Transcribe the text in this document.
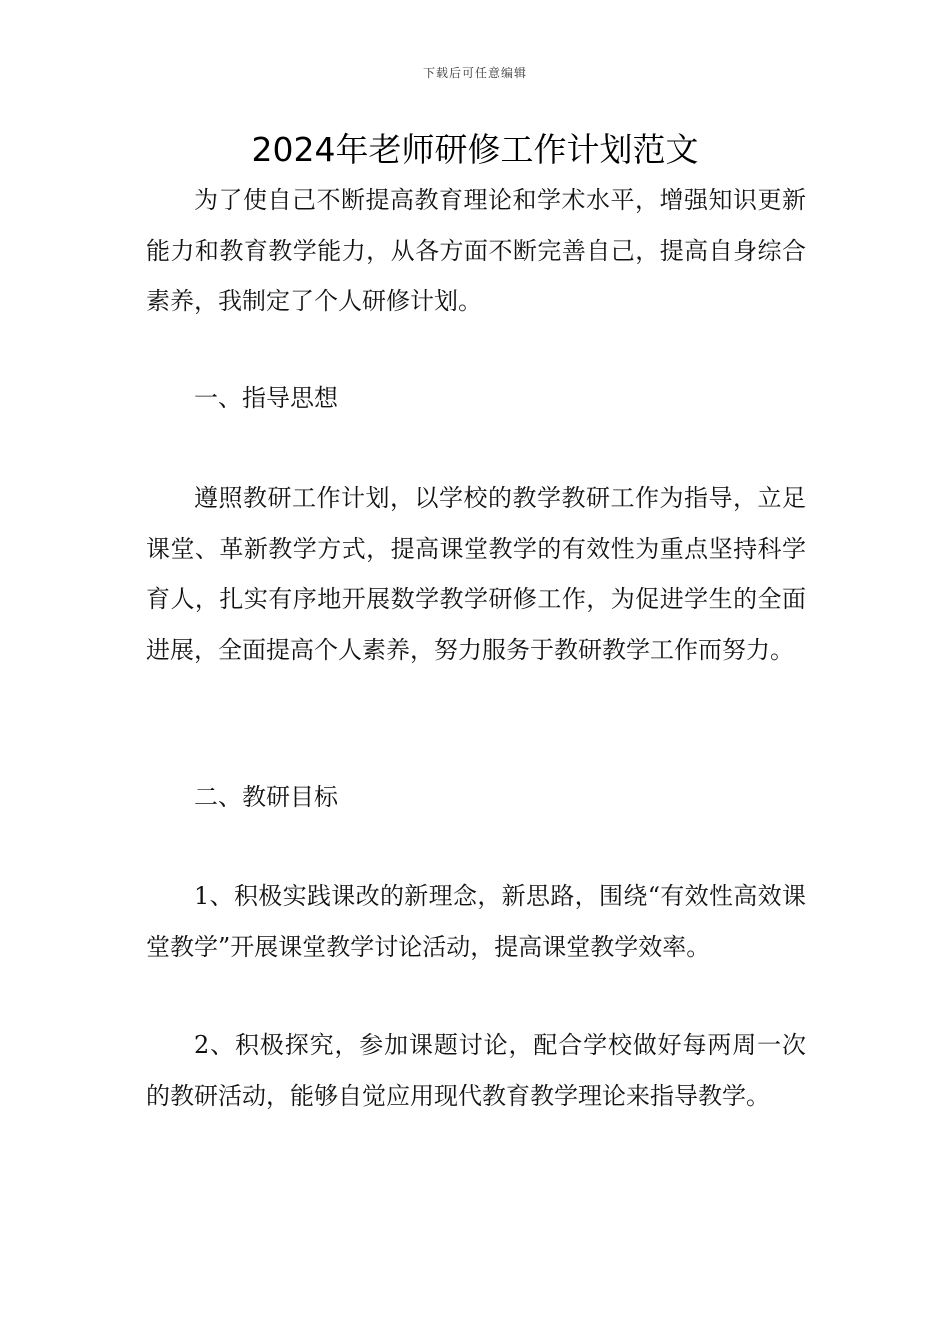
下载后可任意编辑
2024年老师研修工作计划范文

为了使自己不断提高教育理论和学术水平，增强知识更新能力和教育教学能力，从各方面不断完善自己，提高自身综合素养，我制定了个人研修计划。

一、指导思想

遵照教研工作计划，以学校的教学教研工作为指导，立足课堂、革新教学方式，提高课堂教学的有效性为重点坚持科学育人，扎实有序地开展数学教学研修工作，为促进学生的全面进展，全面提高个人素养，努力服务于教研教学工作而努力。

二、教研目标

1、积极实践课改的新理念，新思路，围绕“有效性高效课堂教学”开展课堂教学讨论活动，提高课堂教学效率。

2、积极探究，参加课题讨论，配合学校做好每两周一次的教研活动，能够自觉应用现代教育教学理论来指导教学。
